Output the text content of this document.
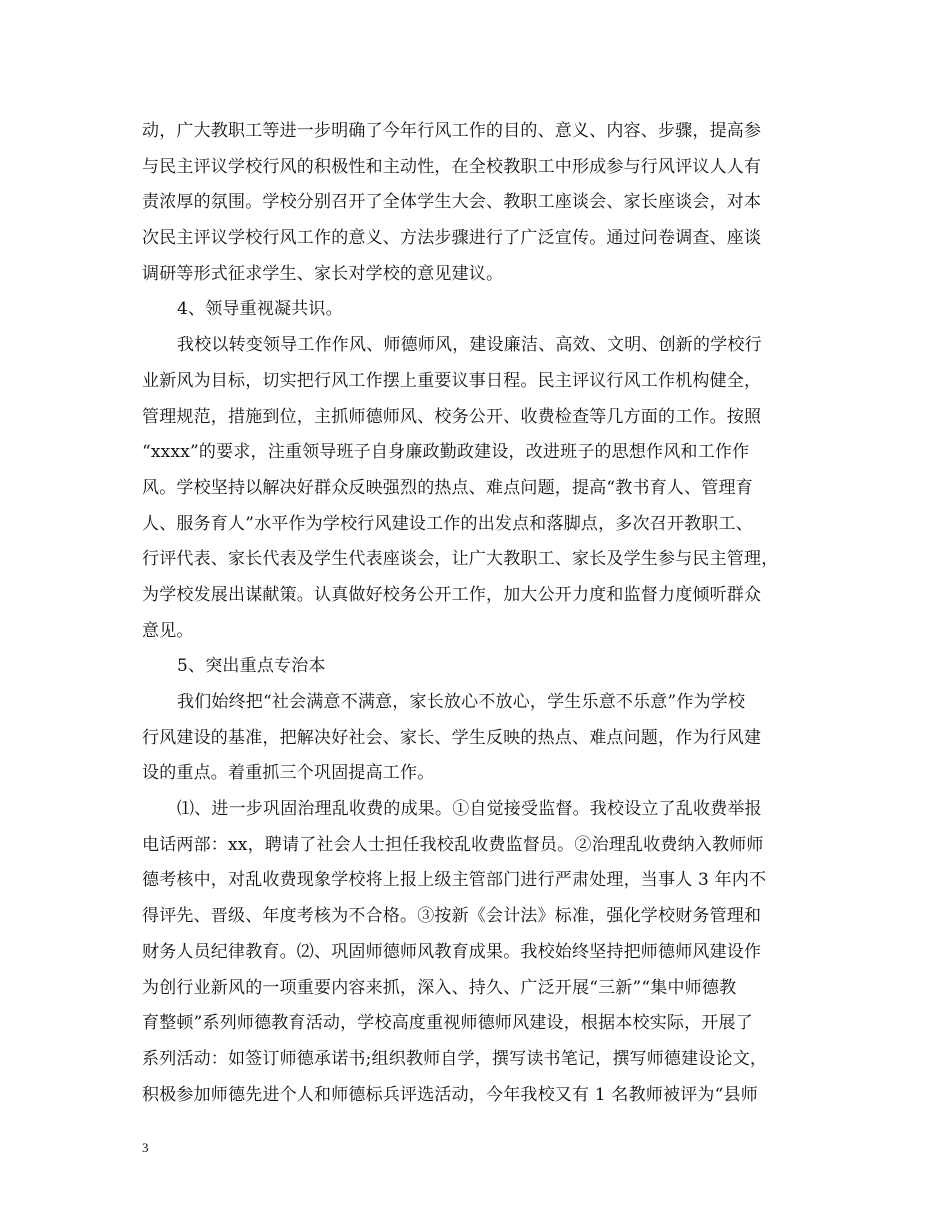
动，广大教职工等进一步明确了今年行风工作的目的、意义、内容、步骤，提高参
与民主评议学校行风的积极性和主动性，在全校教职工中形成参与行风评议人人有
责浓厚的氛围。学校分别召开了全体学生大会、教职工座谈会、家长座谈会，对本
次民主评议学校行风工作的意义、方法步骤进行了广泛宣传。通过问卷调查、座谈
调研等形式征求学生、家长对学校的意见建议。
4、领导重视凝共识。
我校以转变领导工作作风、师德师风，建设廉洁、高效、文明、创新的学校行
业新风为目标，切实把行风工作摆上重要议事日程。民主评议行风工作机构健全，
管理规范，措施到位，主抓师德师风、校务公开、收费检查等几方面的工作。按照
“xxxx”的要求，注重领导班子自身廉政勤政建设，改进班子的思想作风和工作作
风。学校坚持以解决好群众反映强烈的热点、难点问题，提高“教书育人、管理育
人、服务育人”水平作为学校行风建设工作的出发点和落脚点，多次召开教职工、
行评代表、家长代表及学生代表座谈会，让广大教职工、家长及学生参与民主管理，
为学校发展出谋献策。认真做好校务公开工作，加大公开力度和监督力度倾听群众
意见。
5、突出重点专治本
我们始终把“社会满意不满意，家长放心不放心，学生乐意不乐意”作为学校
行风建设的基准，把解决好社会、家长、学生反映的热点、难点问题，作为行风建
设的重点。着重抓三个巩固提高工作。
⑴、进一步巩固治理乱收费的成果。①自觉接受监督。我校设立了乱收费举报
电话两部：xx，聘请了社会人士担任我校乱收费监督员。②治理乱收费纳入教师师
德考核中，对乱收费现象学校将上报上级主管部门进行严肃处理，当事人 3 年内不
得评先、晋级、年度考核为不合格。③按新《会计法》标准，强化学校财务管理和
财务人员纪律教育。⑵、巩固师德师风教育成果。我校始终坚持把师德师风建设作
为创行业新风的一项重要内容来抓，深入、持久、广泛开展“三新”“集中师德教
育整顿”系列师德教育活动，学校高度重视师德师风建设，根据本校实际，开展了
系列活动：如签订师德承诺书;组织教师自学，撰写读书笔记，撰写师德建设论文，
积极参加师德先进个人和师德标兵评选活动，今年我校又有 1 名教师被评为“县师
3
